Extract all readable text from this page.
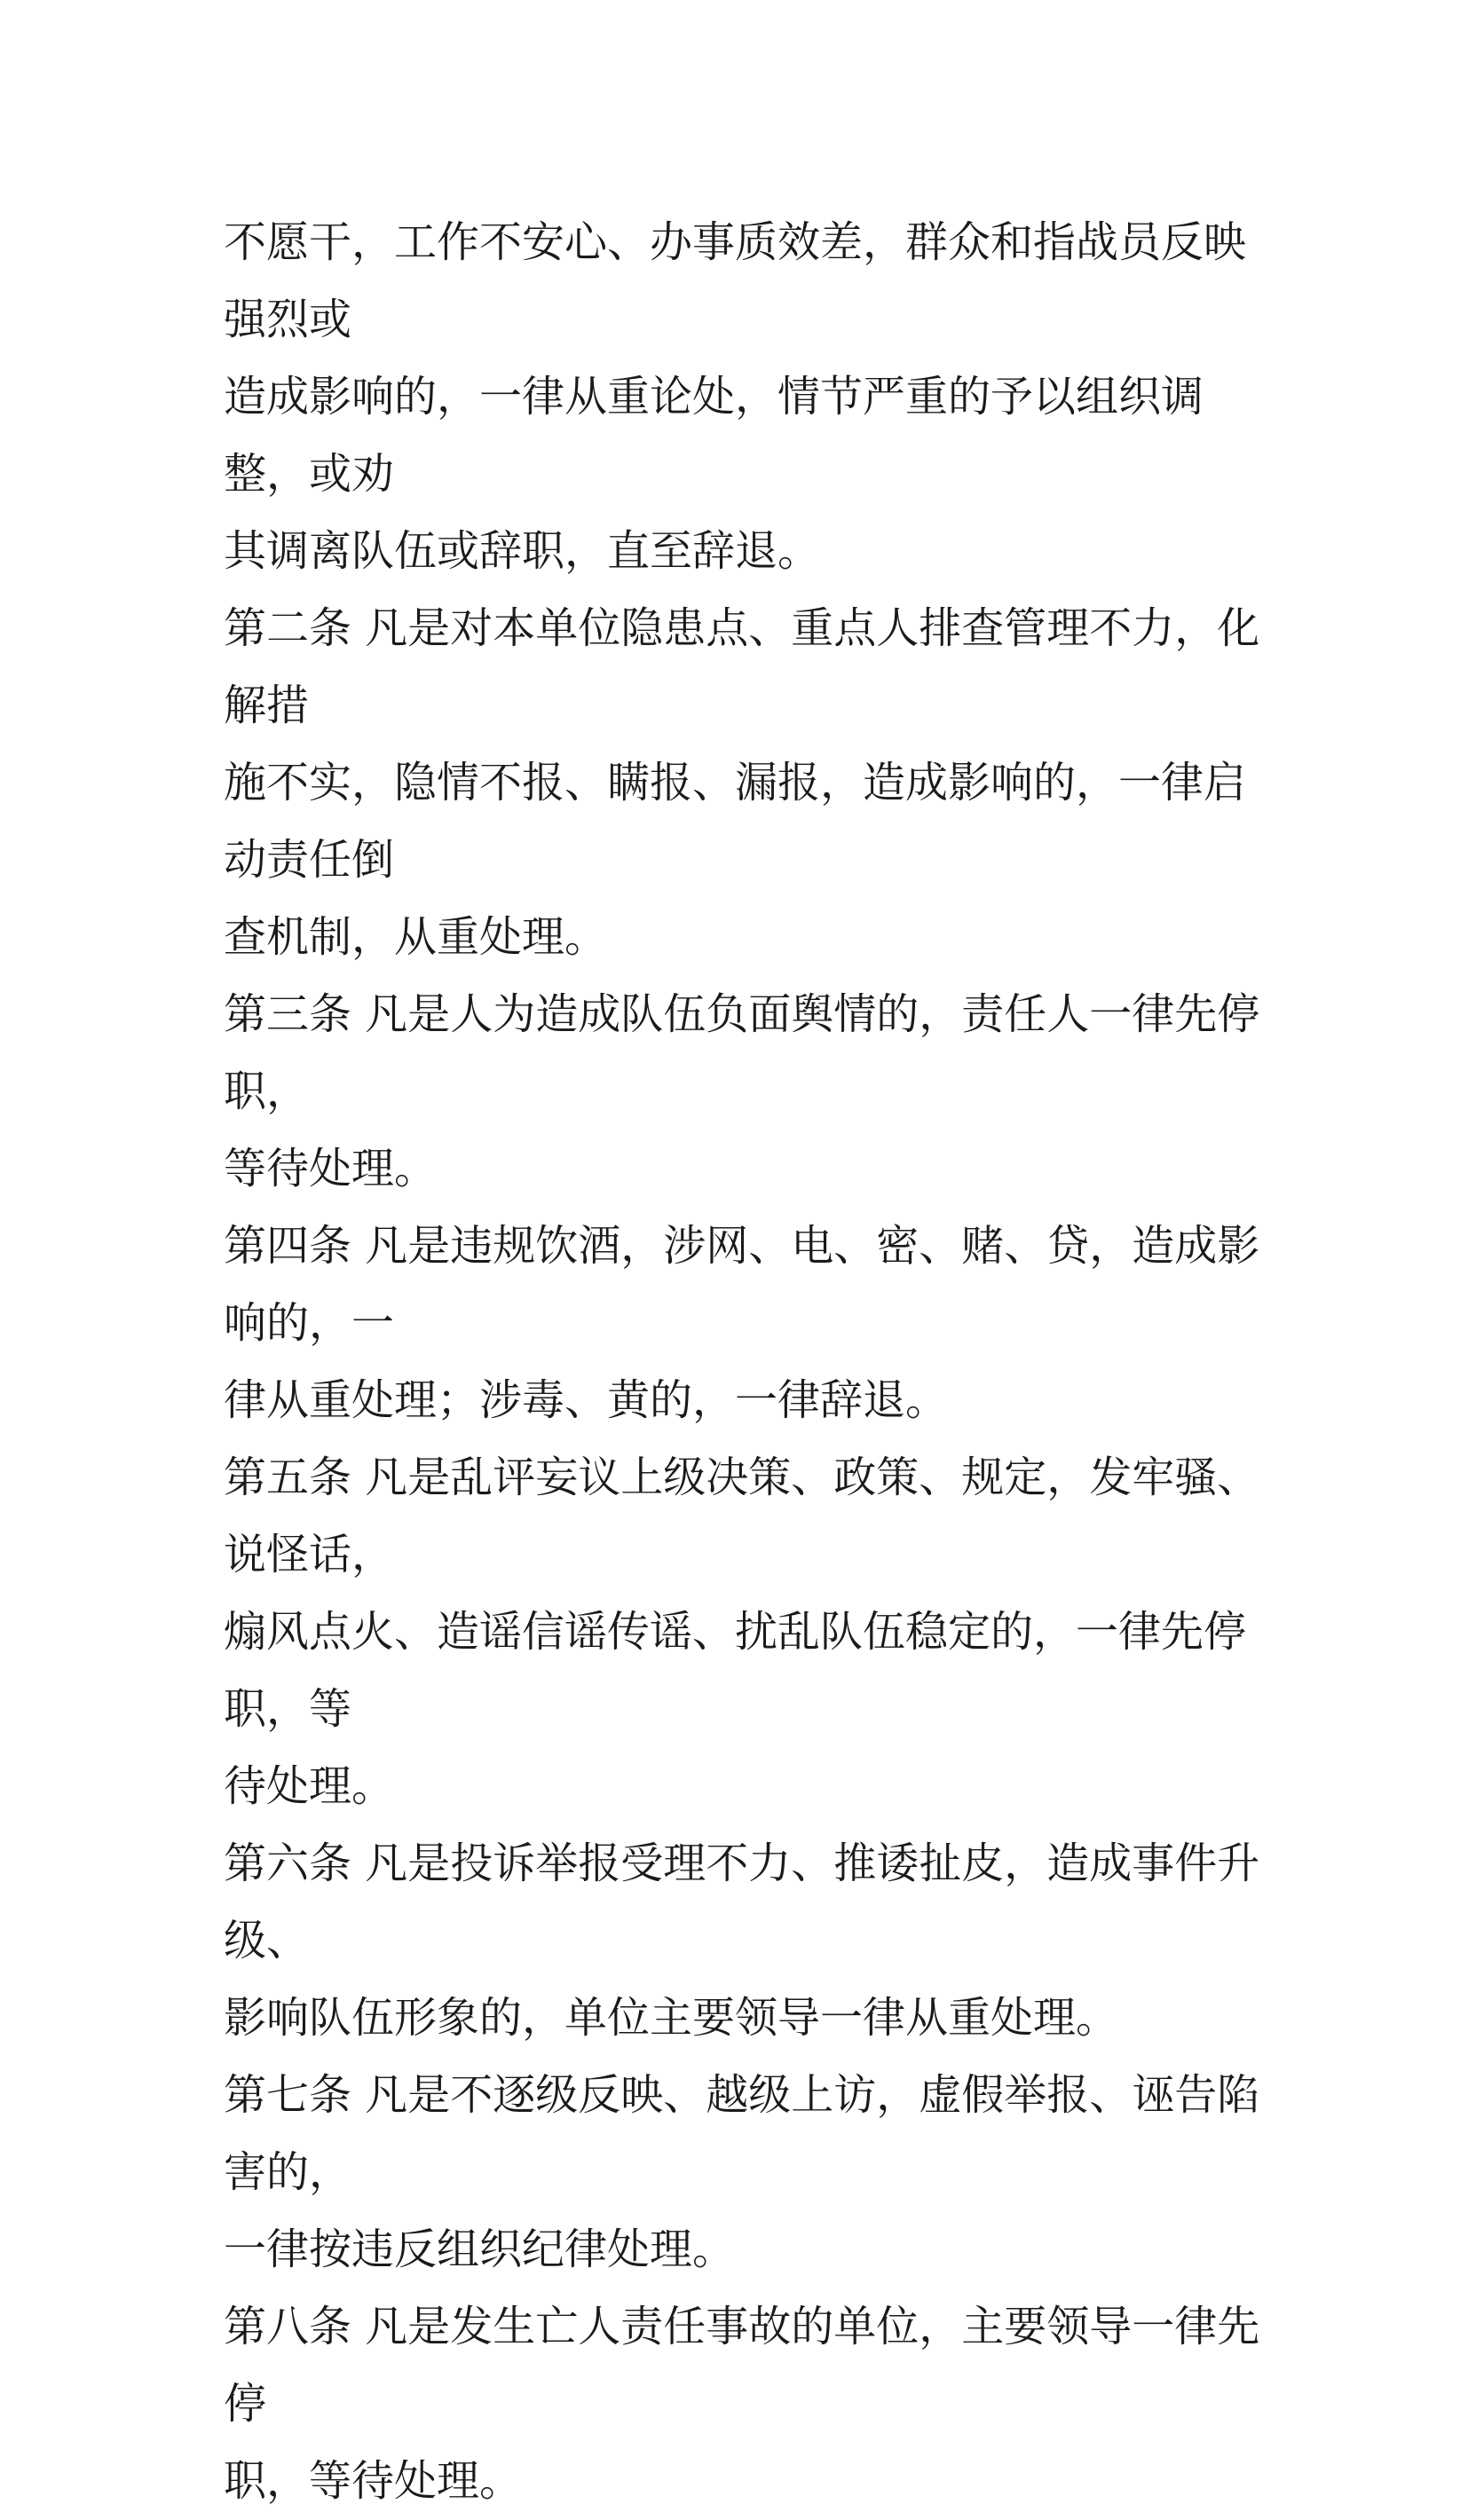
不愿干，工作不安心、办事质效差，群众和指战员反映强烈或
造成影响的，一律从重论处，情节严重的予以组织调整，或劝
其调离队伍或辞职，直至辞退。
第二条 凡是对本单位隐患点、重点人排查管理不力，化解措
施不实，隐情不报、瞒报、漏报，造成影响的，一律启动责任倒
查机制，从重处理。
第三条 凡是人为造成队伍负面舆情的，责任人一律先停职，
等待处理。
第四条 凡是违规饮酒，涉网、电、密、赌、贷，造成影响的，一
律从重处理；涉毒、黄的，一律辞退。
第五条 凡是乱评妄议上级决策、政策、规定，发牢骚、说怪话，
煽风点火、造谣信谣传谣、扰乱队伍稳定的，一律先停职，等
待处理。
第六条 凡是投诉举报受理不力、推诿扯皮，造成事件升级、
影响队伍形象的，单位主要领导一律从重处理。
第七条 凡是不逐级反映、越级上访，虚假举报、诬告陷害的，
一律按违反组织纪律处理。
第八条 凡是发生亡人责任事故的单位，主要领导一律先停
职，等待处理。
